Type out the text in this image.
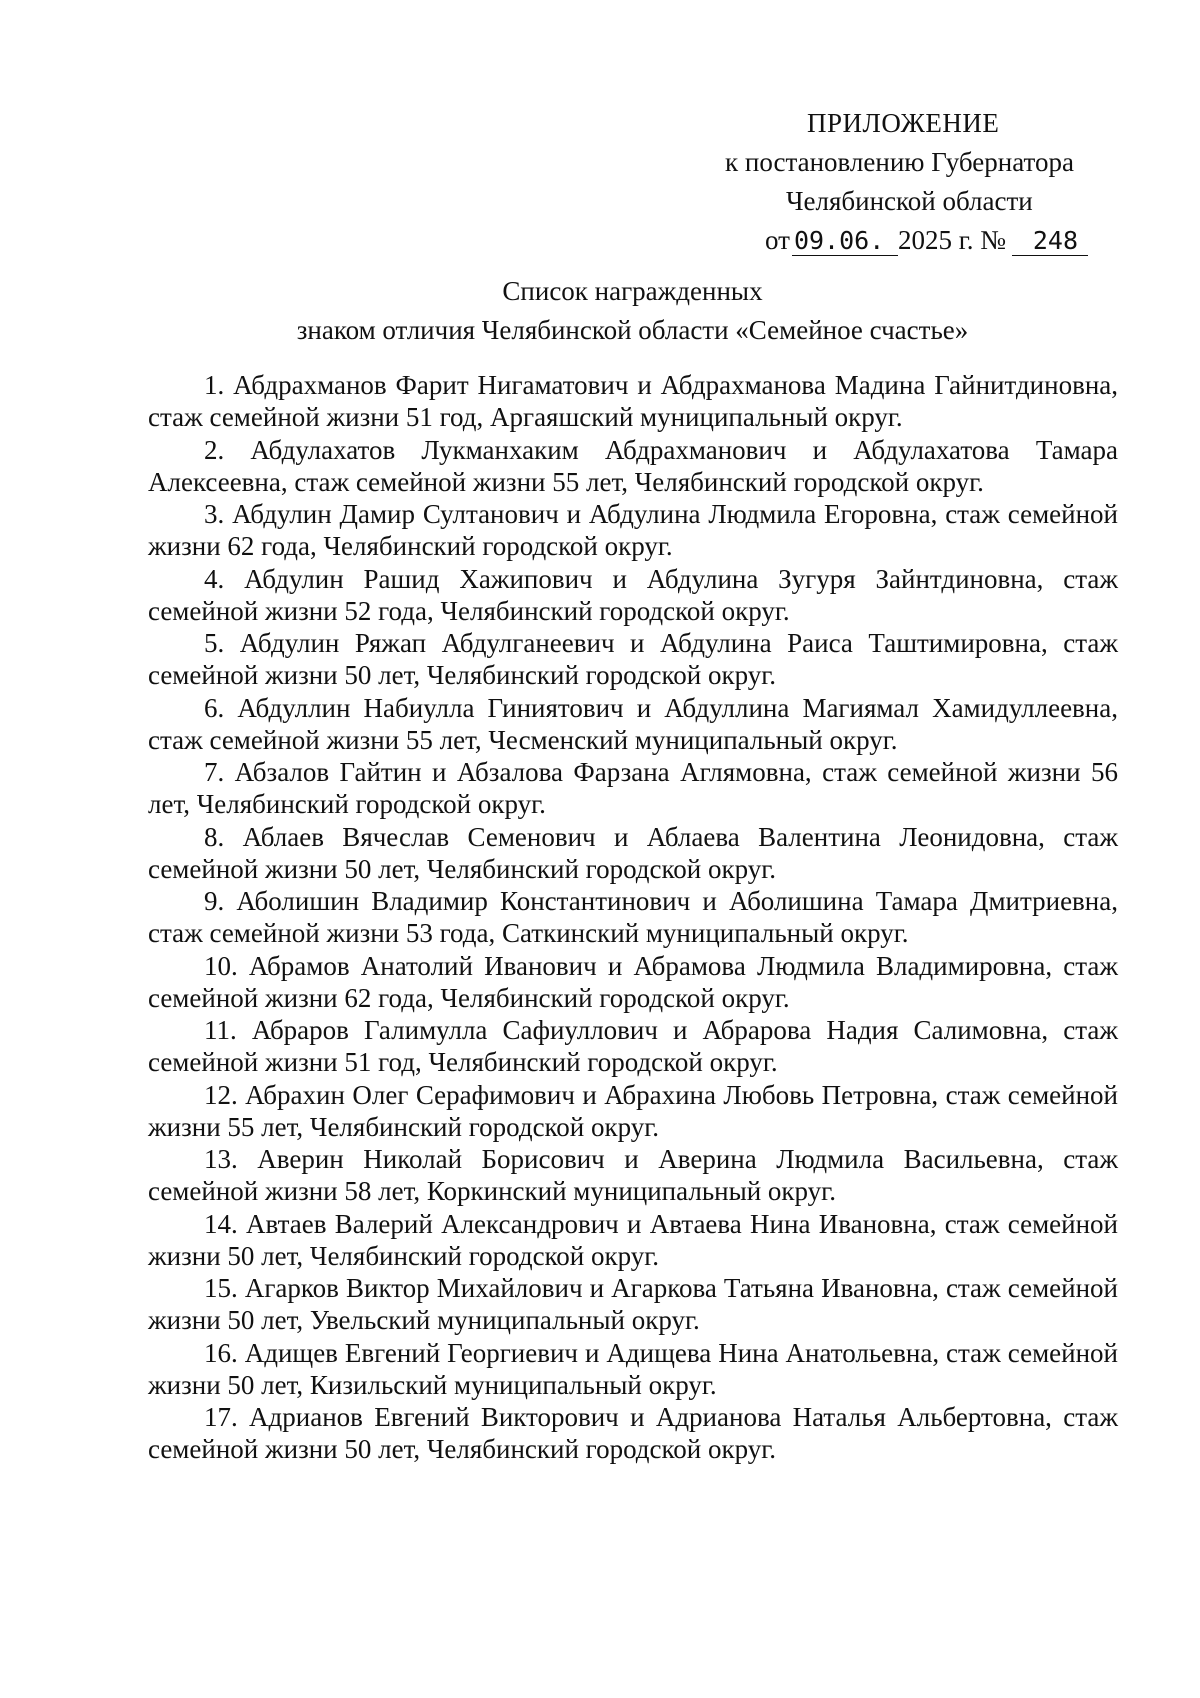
ПРИЛОЖЕНИЕ
к постановлению Губернатора
Челябинской области
от 09.06. 2025 г. № 248
Список награжденных
знаком отличия Челябинской области «Семейное счастье»

1. Абдрахманов Фарит Нигаматович и Абдрахманова Мадина Гайнитдиновна, стаж семейной жизни 51 год, Аргаяшский муниципальный округ.

2. Абдулахатов Лукманхаким Абдрахманович и Абдулахатова Тамара Алексеевна, стаж семейной жизни 55 лет, Челябинский городской округ.

3. Абдулин Дамир Султанович и Абдулина Людмила Егоровна, стаж семейной жизни 62 года, Челябинский городской округ.

4. Абдулин Рашид Хажипович и Абдулина Зугуря Зайнтдиновна, стаж семейной жизни 52 года, Челябинский городской округ.

5. Абдулин Ряжап Абдулганеевич и Абдулина Раиса Таштимировна, стаж семейной жизни 50 лет, Челябинский городской округ.

6. Абдуллин Набиулла Гиниятович и Абдуллина Магиямал Хамидуллеевна, стаж семейной жизни 55 лет, Чесменский муниципальный округ.

7. Абзалов Гайтин и Абзалова Фарзана Аглямовна, стаж семейной жизни 56 лет, Челябинский городской округ.

8. Аблаев Вячеслав Семенович и Аблаева Валентина Леонидовна, стаж семейной жизни 50 лет, Челябинский городской округ.

9. Аболишин Владимир Константинович и Аболишина Тамара Дмитриевна, стаж семейной жизни 53 года, Саткинский муниципальный округ.

10. Абрамов Анатолий Иванович и Абрамова Людмила Владимировна, стаж семейной жизни 62 года, Челябинский городской округ.

11. Абраров Галимулла Сафиуллович и Абрарова Надия Салимовна, стаж семейной жизни 51 год, Челябинский городской округ.

12. Абрахин Олег Серафимович и Абрахина Любовь Петровна, стаж семейной жизни 55 лет, Челябинский городской округ.

13. Аверин Николай Борисович и Аверина Людмила Васильевна, стаж семейной жизни 58 лет, Коркинский муниципальный округ.

14. Автаев Валерий Александрович и Автаева Нина Ивановна, стаж семейной жизни 50 лет, Челябинский городской округ.

15. Агарков Виктор Михайлович и Агаркова Татьяна Ивановна, стаж семейной жизни 50 лет, Увельский муниципальный округ.

16. Адищев Евгений Георгиевич и Адищева Нина Анатольевна, стаж семейной жизни 50 лет, Кизильский муниципальный округ.

17. Адрианов Евгений Викторович и Адрианова Наталья Альбертовна, стаж семейной жизни 50 лет, Челябинский городской округ.
